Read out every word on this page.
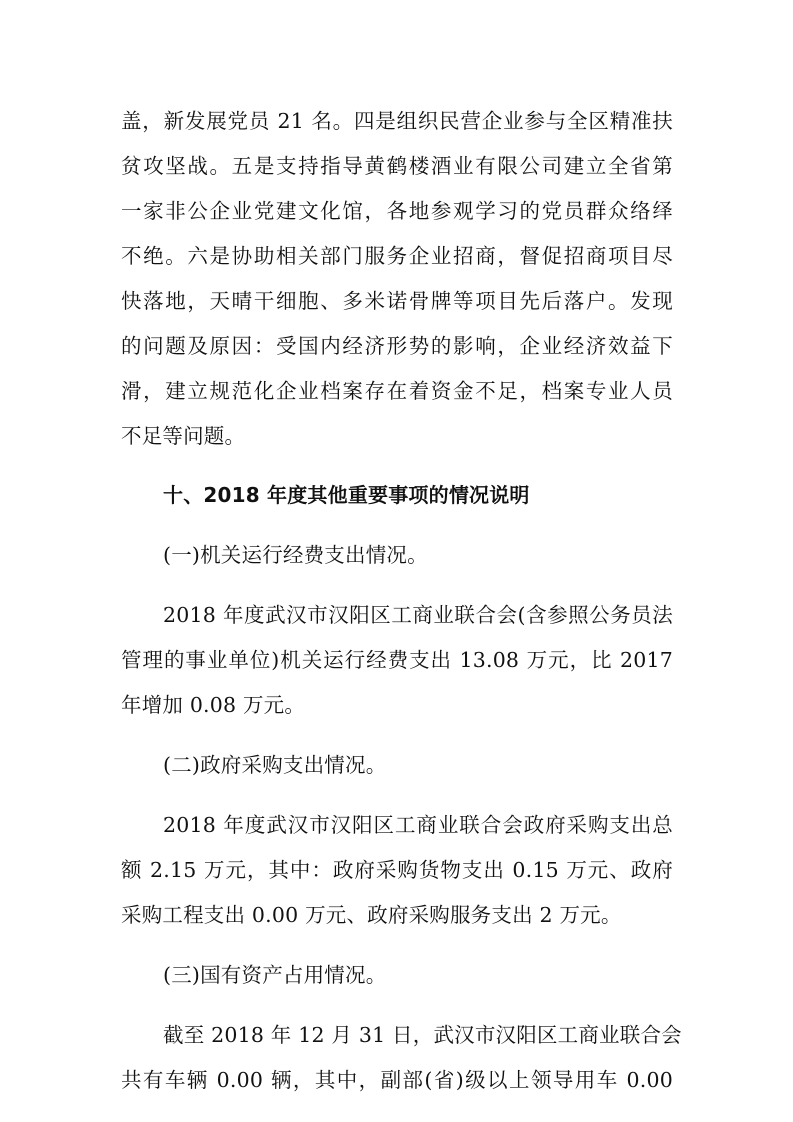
盖，新发展党员 21 名。四是组织民营企业参与全区精准扶
贫攻坚战。五是支持指导黄鹤楼酒业有限公司建立全省第
一家非公企业党建文化馆，各地参观学习的党员群众络绎
不绝。六是协助相关部门服务企业招商，督促招商项目尽
快落地，天晴干细胞、多米诺骨牌等项目先后落户。发现
的问题及原因：受国内经济形势的影响，企业经济效益下
滑，建立规范化企业档案存在着资金不足，档案专业人员
不足等问题。
十、2018 年度其他重要事项的情况说明
(一)机关运行经费支出情况。
2018 年度武汉市汉阳区工商业联合会(含参照公务员法
管理的事业单位)机关运行经费支出 13.08 万元，比 2017
年增加 0.08 万元。
(二)政府采购支出情况。
2018 年度武汉市汉阳区工商业联合会政府采购支出总
额 2.15 万元，其中：政府采购货物支出 0.15 万元、政府
采购工程支出 0.00 万元、政府采购服务支出 2 万元。
(三)国有资产占用情况。
截至 2018 年 12 月 31 日，武汉市汉阳区工商业联合会
共有车辆 0.00 辆，其中，副部(省)级以上领导用车 0.00
